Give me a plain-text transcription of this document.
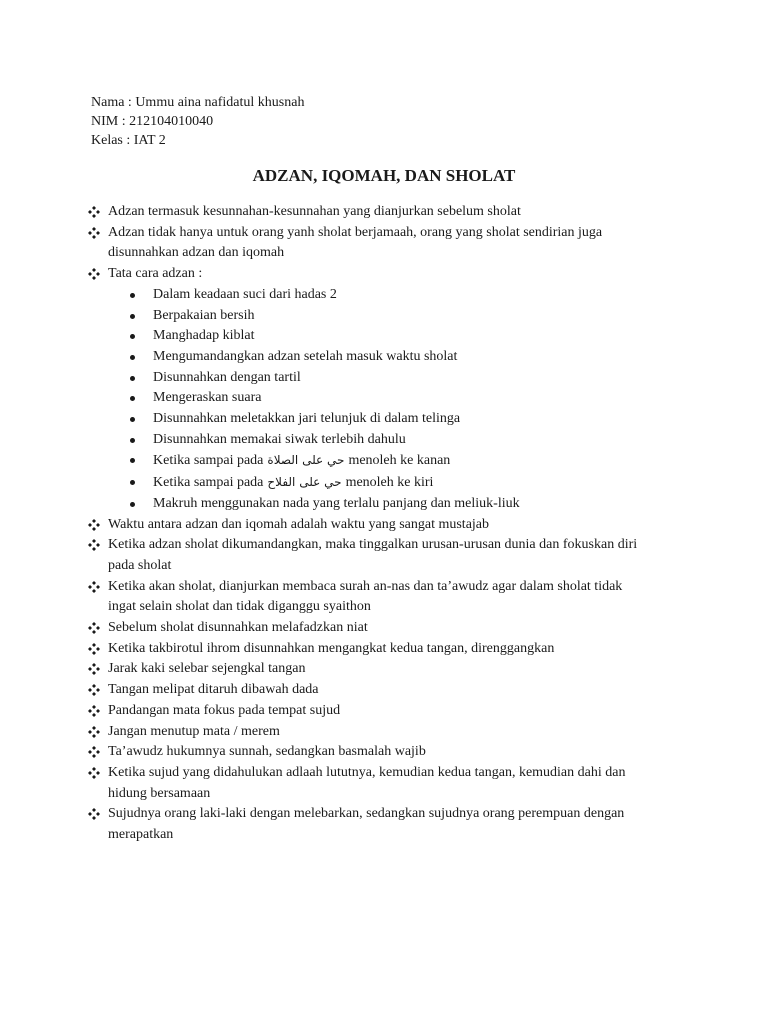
Nama : Ummu aina nafidatul khusnah
NIM : 212104010040
Kelas : IAT 2
ADZAN, IQOMAH, DAN SHOLAT
Adzan termasuk kesunnahan-kesunnahan yang dianjurkan sebelum sholat
Adzan tidak hanya untuk orang yanh sholat berjamaah, orang yang sholat sendirian juga
disunnahkan adzan dan iqomah
Tata cara adzan :
Dalam keadaan suci dari hadas 2
Berpakaian bersih
Manghadap kiblat
Mengumandangkan adzan setelah masuk waktu sholat
Disunnahkan dengan tartil
Mengeraskan suara
Disunnahkan meletakkan jari telunjuk di dalam telinga
Disunnahkan memakai siwak terlebih dahulu
Ketika sampai pada حي على الصلاة menoleh ke kanan
Ketika sampai pada حي على الفلاح menoleh ke kiri
Makruh menggunakan nada yang terlalu panjang dan meliuk-liuk
Waktu antara adzan dan iqomah adalah waktu yang sangat mustajab
Ketika adzan sholat dikumandangkan, maka tinggalkan urusan-urusan dunia dan fokuskan diri
pada sholat
Ketika akan sholat, dianjurkan membaca surah an-nas dan ta’awudz agar dalam sholat tidak
ingat selain sholat dan tidak diganggu syaithon
Sebelum sholat disunnahkan melafadzkan niat
Ketika takbirotul ihrom disunnahkan mengangkat kedua tangan, direnggangkan
Jarak kaki selebar sejengkal tangan
Tangan melipat ditaruh dibawah dada
Pandangan mata fokus pada tempat sujud
Jangan menutup mata / merem
Ta’awudz hukumnya sunnah, sedangkan basmalah wajib
Ketika sujud yang didahulukan adlaah lututnya, kemudian kedua tangan, kemudian dahi dan
hidung bersamaan
Sujudnya orang laki-laki dengan melebarkan, sedangkan sujudnya orang perempuan dengan
merapatkan
